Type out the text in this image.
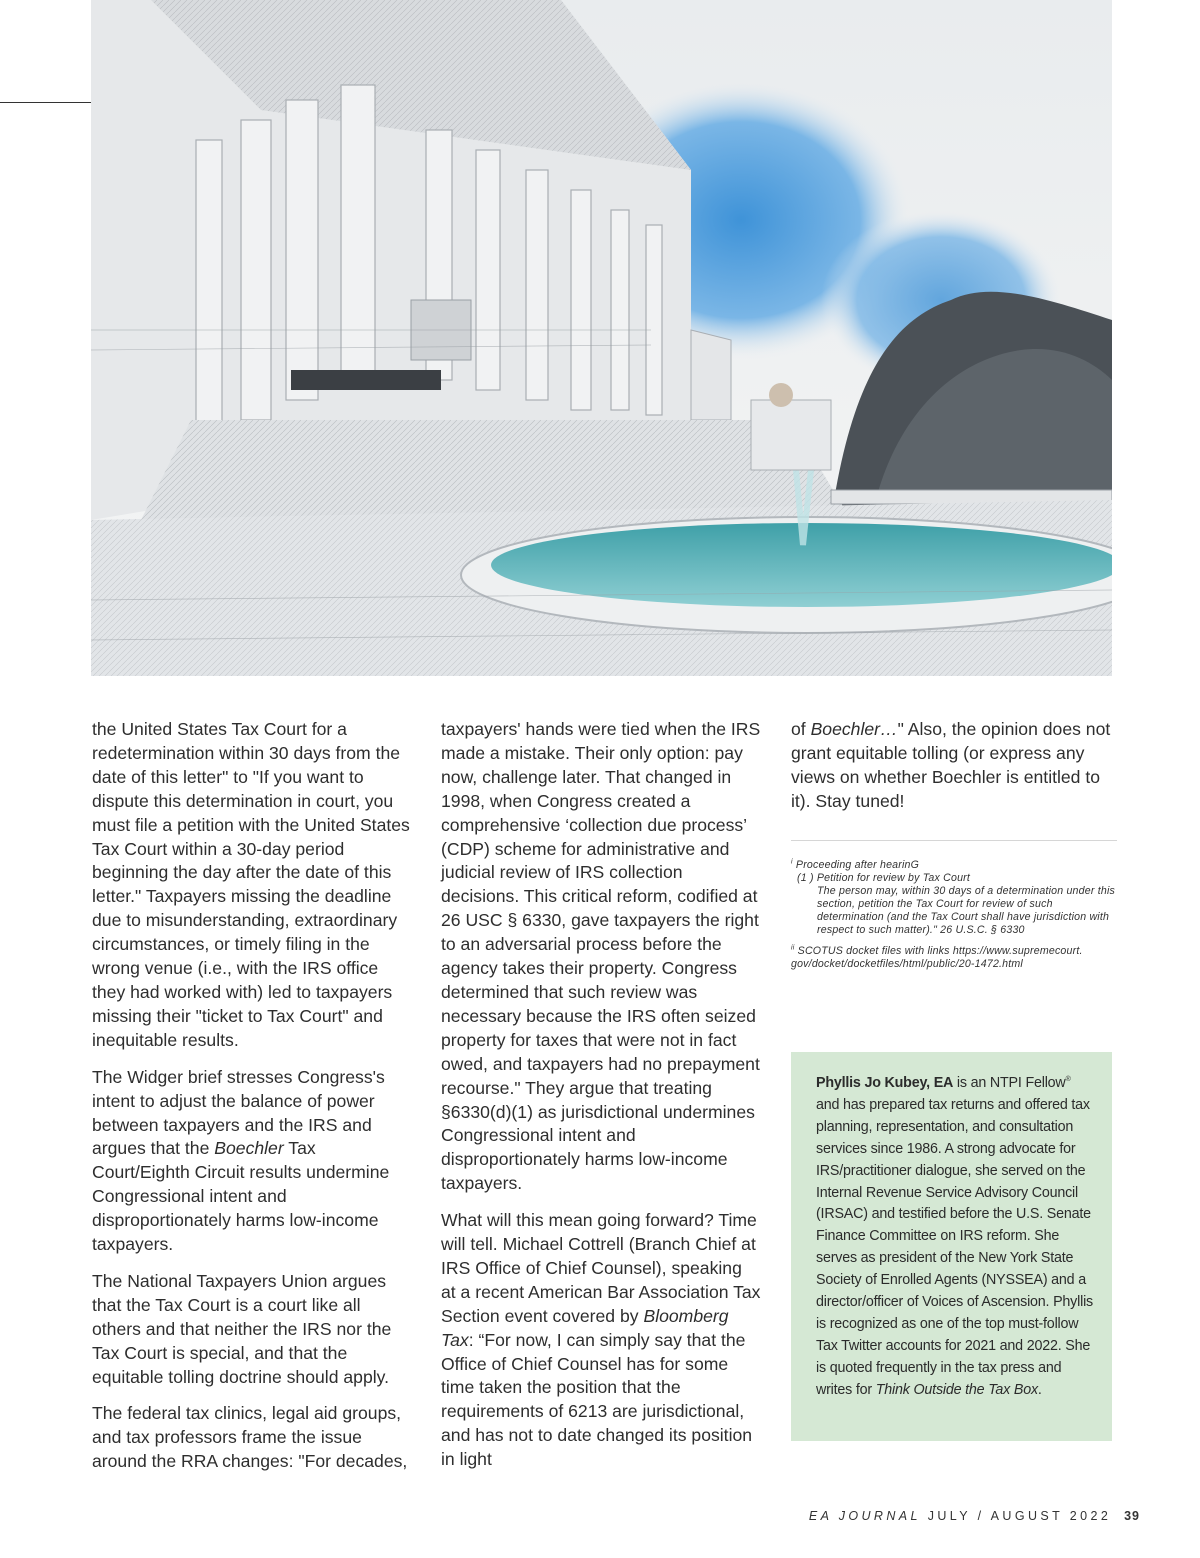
the United States Tax Court for a redetermination within 30 days from the date of this letter" to "If you want to dispute this determination in court, you must file a petition with the United States Tax Court within a 30-day period beginning the day after the date of this letter." Taxpayers missing the deadline due to misunderstanding, extraordinary circumstances, or timely filing in the wrong venue (i.e., with the IRS office they had worked with) led to taxpayers missing their "ticket to Tax Court" and inequitable results.

The Widger brief stresses Congress's intent to adjust the balance of power between taxpayers and the IRS and argues that the Boechler Tax Court/Eighth Circuit results undermine Congressional intent and disproportionately harms low-income taxpayers.

The National Taxpayers Union argues that the Tax Court is a court like all others and that neither the IRS nor the Tax Court is special, and that the equitable tolling doctrine should apply.

The federal tax clinics, legal aid groups, and tax professors frame the issue around the RRA changes: "For decades,

taxpayers' hands were tied when the IRS made a mistake. Their only option: pay now, challenge later. That changed in 1998, when Congress created a comprehensive ‘collection due process’ (CDP) scheme for administrative and judicial review of IRS collection decisions. This critical reform, codified at 26 USC § 6330, gave taxpayers the right to an adversarial process before the agency takes their property. Congress determined that such review was necessary because the IRS often seized property for taxes that were not in fact owed, and taxpayers had no prepayment recourse." They argue that treating §6330(d)(1) as jurisdictional undermines Congressional intent and disproportionately harms low-income taxpayers.

What will this mean going forward? Time will tell. Michael Cottrell (Branch Chief at IRS Office of Chief Counsel), speaking at a recent American Bar Association Tax Section event covered by Bloomberg Tax: “For now, I can simply say that the Office of Chief Counsel has for some time taken the position that the requirements of 6213 are jurisdictional, and has not to date changed its position in light

of Boechler…" Also, the opinion does not grant equitable tolling (or express any views on whether Boechler is entitled to it). Stay tuned!

$^i$ Proceeding after hearinG
(1 ) Petition for review by Tax Court
The person may, within 30 days of a determination under this section, petition the Tax Court for review of such determination (and the Tax Court shall have jurisdiction with respect to such matter)." 26 U.S.C. § 6330
$^{ii}$ SCOTUS docket files with links https://www.supremecourt. gov/docket/docketfiles/html/public/20-1472.html
Phyllis Jo Kubey, EA is an NTPI Fellow® and has prepared tax returns and offered tax planning, representation, and consultation services since 1986. A strong advocate for IRS/practitioner dialogue, she served on the Internal Revenue Service Advisory Council (IRSAC) and testified before the U.S. Senate Finance Committee on IRS reform. She serves as president of the New York State Society of Enrolled Agents (NYSSEA) and a director/officer of Voices of Ascension. Phyllis is recognized as one of the top must-follow Tax Twitter accounts for 2021 and 2022. She is quoted frequently in the tax press and writes for Think Outside the Tax Box.
EA JOURNAL JULY / AUGUST 2022 39
